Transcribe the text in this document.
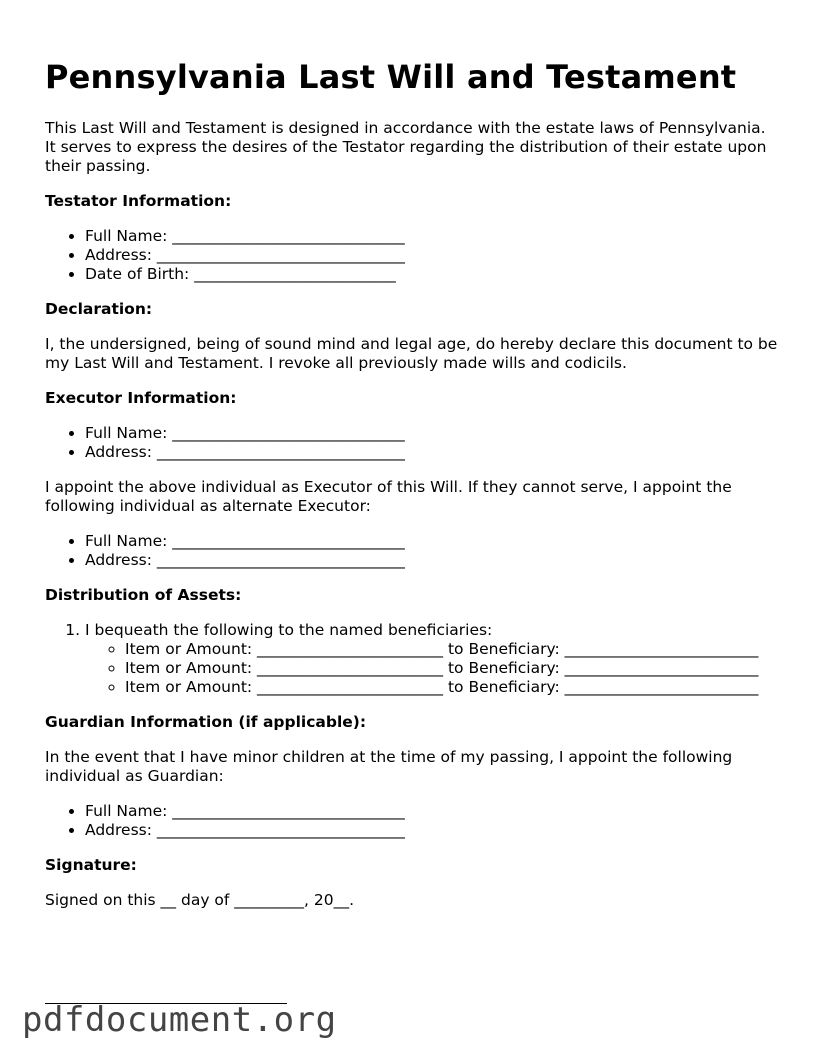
Pennsylvania Last Will and Testament

This Last Will and Testament is designed in accordance with the estate laws of Pennsylvania. It serves to express the desires of the Testator regarding the distribution of their estate upon their passing.

Testator Information:

• Full Name: ______________________________
• Address: ________________________________
• Date of Birth: __________________________

Declaration:

I, the undersigned, being of sound mind and legal age, do hereby declare this document to be my Last Will and Testament. I revoke all previously made wills and codicils.

Executor Information:

• Full Name: ______________________________
• Address: ________________________________

I appoint the above individual as Executor of this Will. If they cannot serve, I appoint the following individual as alternate Executor:

• Full Name: ______________________________
• Address: ________________________________

Distribution of Assets:

1. I bequeath the following to the named beneficiaries:
◦ Item or Amount: ________________________ to Beneficiary: _________________________
◦ Item or Amount: ________________________ to Beneficiary: _________________________
◦ Item or Amount: ________________________ to Beneficiary: _________________________

Guardian Information (if applicable):

In the event that I have minor children at the time of my passing, I appoint the following individual as Guardian:

• Full Name: ______________________________
• Address: ________________________________

Signature:

Signed on this __ day of _________, 20__.

pdfdocument.org
